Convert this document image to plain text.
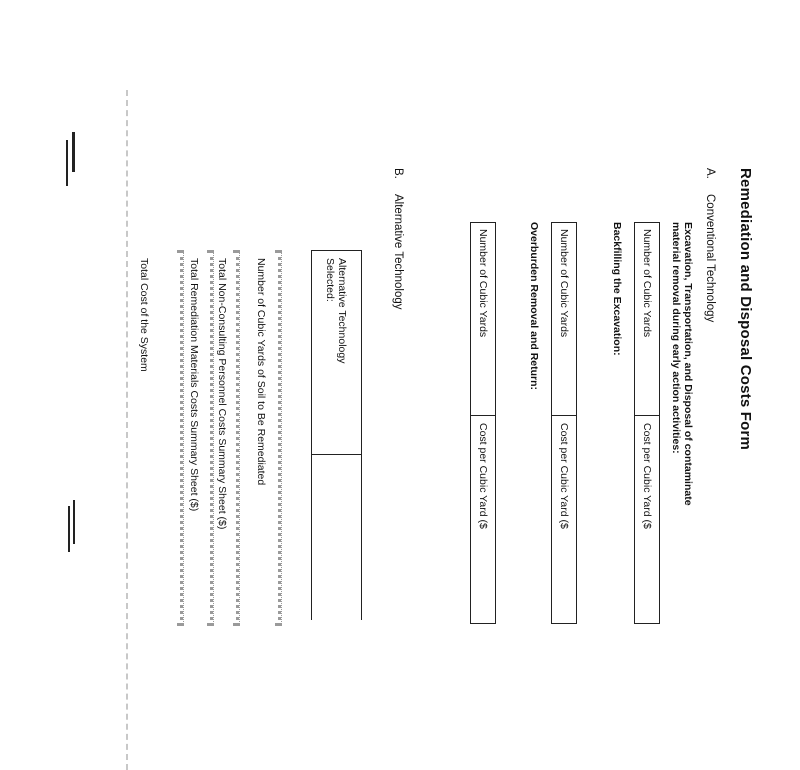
Remediation and Disposal Costs Form
A.
Conventional Technology
Excavation, Transportation, and Disposal of contaminate
material removal during early action activities:
Number of Cubic Yards
Cost per Cubic Yard ($
Backfilling the Excavation:
Number of Cubic Yards
Cost per Cubic Yard ($
Overburden Removal and Return:
Number of Cubic Yards
Cost per Cubic Yard ($
B.
Alternative Technology
Alternative Technology
Selected:
Number of Cubic Yards of Soil to Be Remediated
Total Non-Consulting Personnel Costs Summary Sheet ($)
Total Remediation Materials Costs Summary Sheet ($)
Total Cost of the System
